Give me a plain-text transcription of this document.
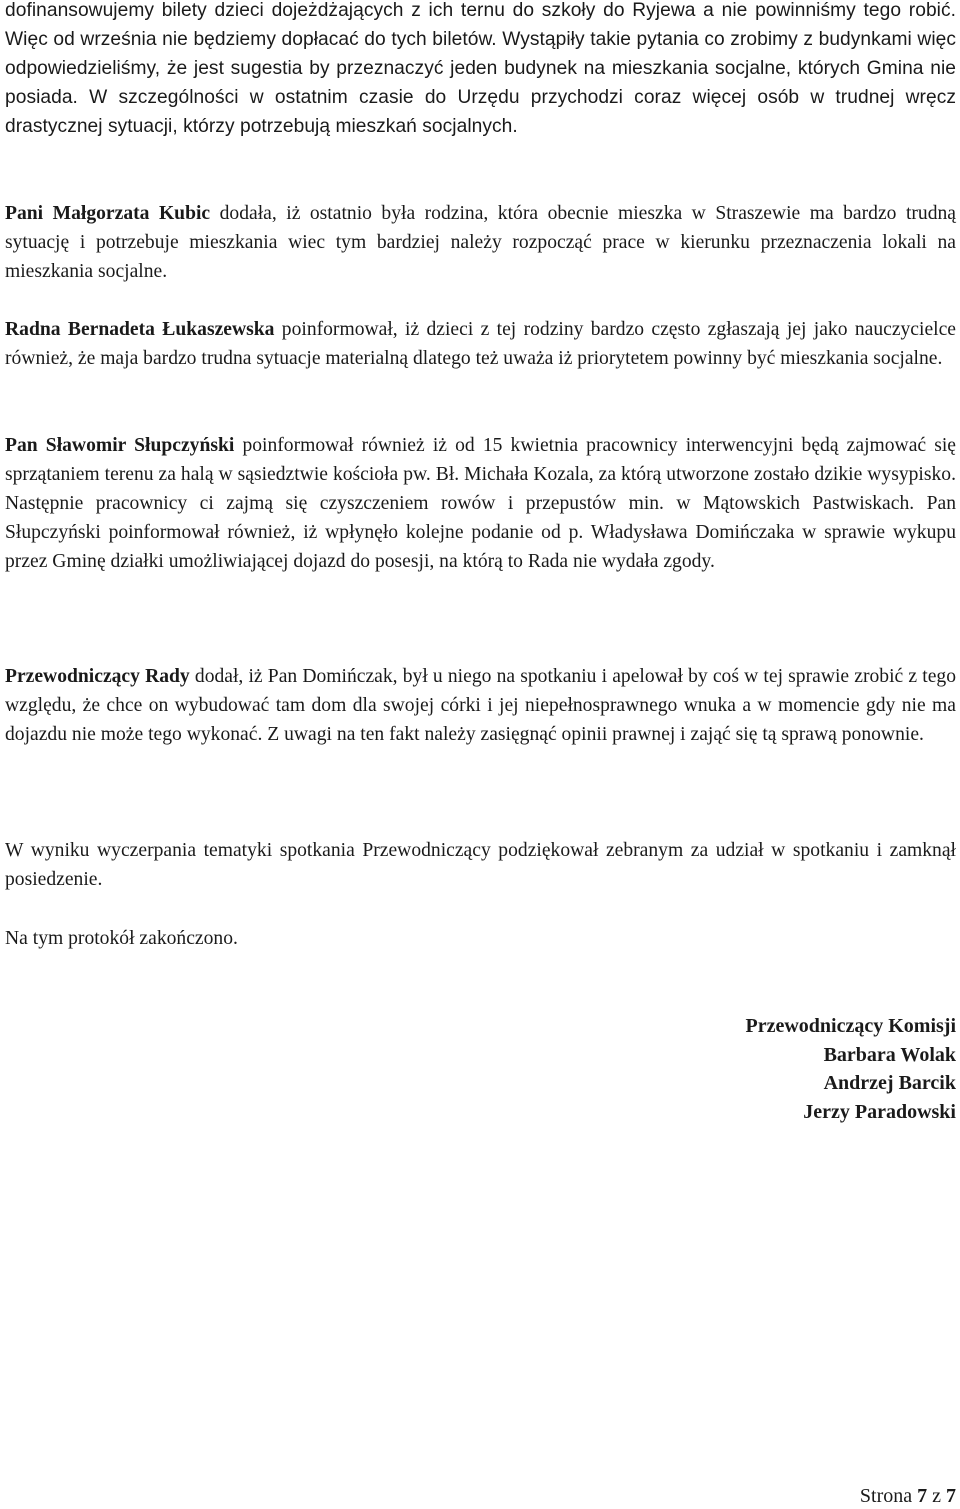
dofinansowujemy bilety dzieci dojeżdżających z ich ternu do szkoły do Ryjewa a nie powinniśmy tego robić. Więc od września nie będziemy dopłacać do tych biletów. Wystąpiły takie pytania co zrobimy z budynkami więc odpowiedzieliśmy, że jest sugestia by przeznaczyć jeden budynek na mieszkania socjalne, których Gmina nie posiada. W szczególności w ostatnim czasie do Urzędu przychodzi coraz więcej osób w trudnej wręcz drastycznej sytuacji, którzy potrzebują mieszkań socjalnych.

Pani Małgorzata Kubic dodała, iż ostatnio była rodzina, która obecnie mieszka w Straszewie ma bardzo trudną sytuację i potrzebuje mieszkania wiec tym bardziej należy rozpocząć prace w kierunku przeznaczenia lokali na mieszkania socjalne.

Radna Bernadeta Łukaszewska poinformował, iż dzieci z tej rodziny bardzo często zgłaszają jej jako nauczycielce również, że maja bardzo trudna sytuacje materialną dlatego też uważa iż priorytetem powinny być mieszkania socjalne.

Pan Sławomir Słupczyński poinformował również iż od 15 kwietnia pracownicy interwencyjni będą zajmować się sprzątaniem terenu za halą w sąsiedztwie kościoła pw. Bł. Michała Kozala, za którą utworzone zostało dzikie wysypisko. Następnie pracownicy ci zajmą się czyszczeniem rowów i przepustów min. w Mątowskich Pastwiskach. Pan Słupczyński poinformował również, iż wpłynęło kolejne podanie od p. Władysława Domińczaka w sprawie wykupu przez Gminę działki umożliwiającej dojazd do posesji, na którą to Rada nie wydała zgody.

Przewodniczący Rady dodał, iż Pan Domińczak, był u niego na spotkaniu i apelował by coś w tej sprawie zrobić z tego względu, że chce on wybudować tam dom dla swojej córki i jej niepełnosprawnego wnuka a w momencie gdy nie ma dojazdu nie może tego wykonać. Z uwagi na ten fakt należy zasięgnąć opinii prawnej i zająć się tą sprawą ponownie.

W wyniku wyczerpania tematyki spotkania Przewodniczący podziękował zebranym za udział w spotkaniu i zamknął posiedzenie.

Na tym protokół zakończono.

Przewodniczący Komisji
Barbara Wolak
Andrzej Barcik
Jerzy Paradowski
Strona 7 z 7
